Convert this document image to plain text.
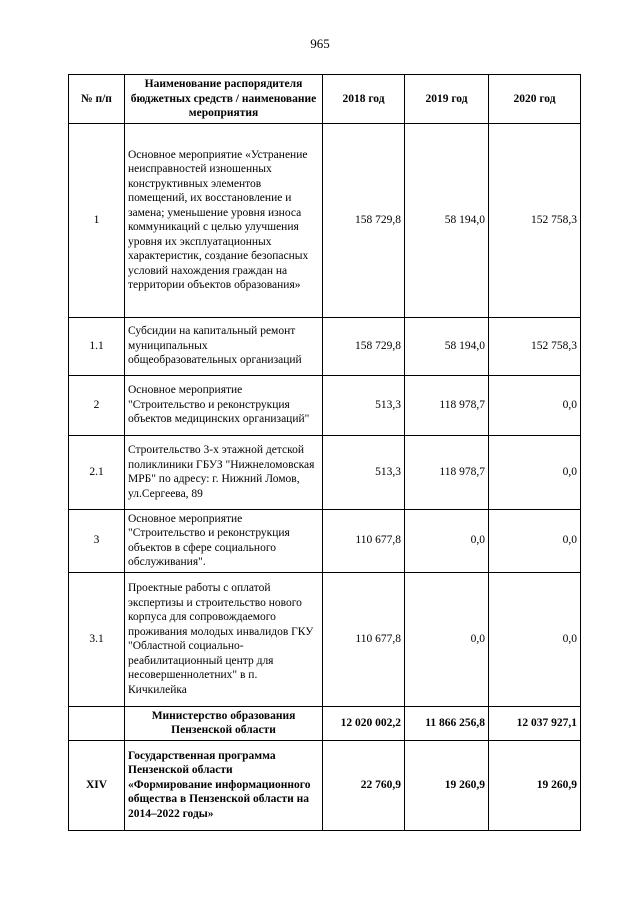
965
№ п/п	Наименование распорядителя бюджетных средств / наименование мероприятия	2018 год	2019 год	2020 год
1	Основное мероприятие «Устранение неисправностей изношенных конструктивных элементов помещений, их восстановление и замена; уменьшение уровня износа коммуникаций с целью улучшения уровня их эксплуатационных характеристик, создание безопасных условий нахождения граждан на территории объектов образования»	158 729,8	58 194,0	152 758,3
1.1	Субсидии на капитальный ремонт муниципальных общеобразовательных организаций	158 729,8	58 194,0	152 758,3
2	Основное мероприятие "Строительство и реконструкция объектов медицинских организаций"	513,3	118 978,7	0,0
2.1	Строительство 3-х этажной детской поликлиники ГБУЗ "Нижнеломовская МРБ" по адресу: г. Нижний Ломов, ул.Сергеева, 89	513,3	118 978,7	0,0
3	Основное мероприятие "Строительство и реконструкция объектов в сфере социального обслуживания".	110 677,8	0,0	0,0
3.1	Проектные работы с оплатой экспертизы и строительство нового корпуса для сопровождаемого проживания молодых инвалидов ГКУ "Областной социально-реабилитационный центр для несовершеннолетних" в п. Кичкилейка	110 677,8	0,0	0,0
	Министерство образования Пензенской области	12 020 002,2	11 866 256,8	12 037 927,1
XIV	Государственная программа Пензенской области «Формирование информационного общества в Пензенской области на 2014–2022 годы»	22 760,9	19 260,9	19 260,9
